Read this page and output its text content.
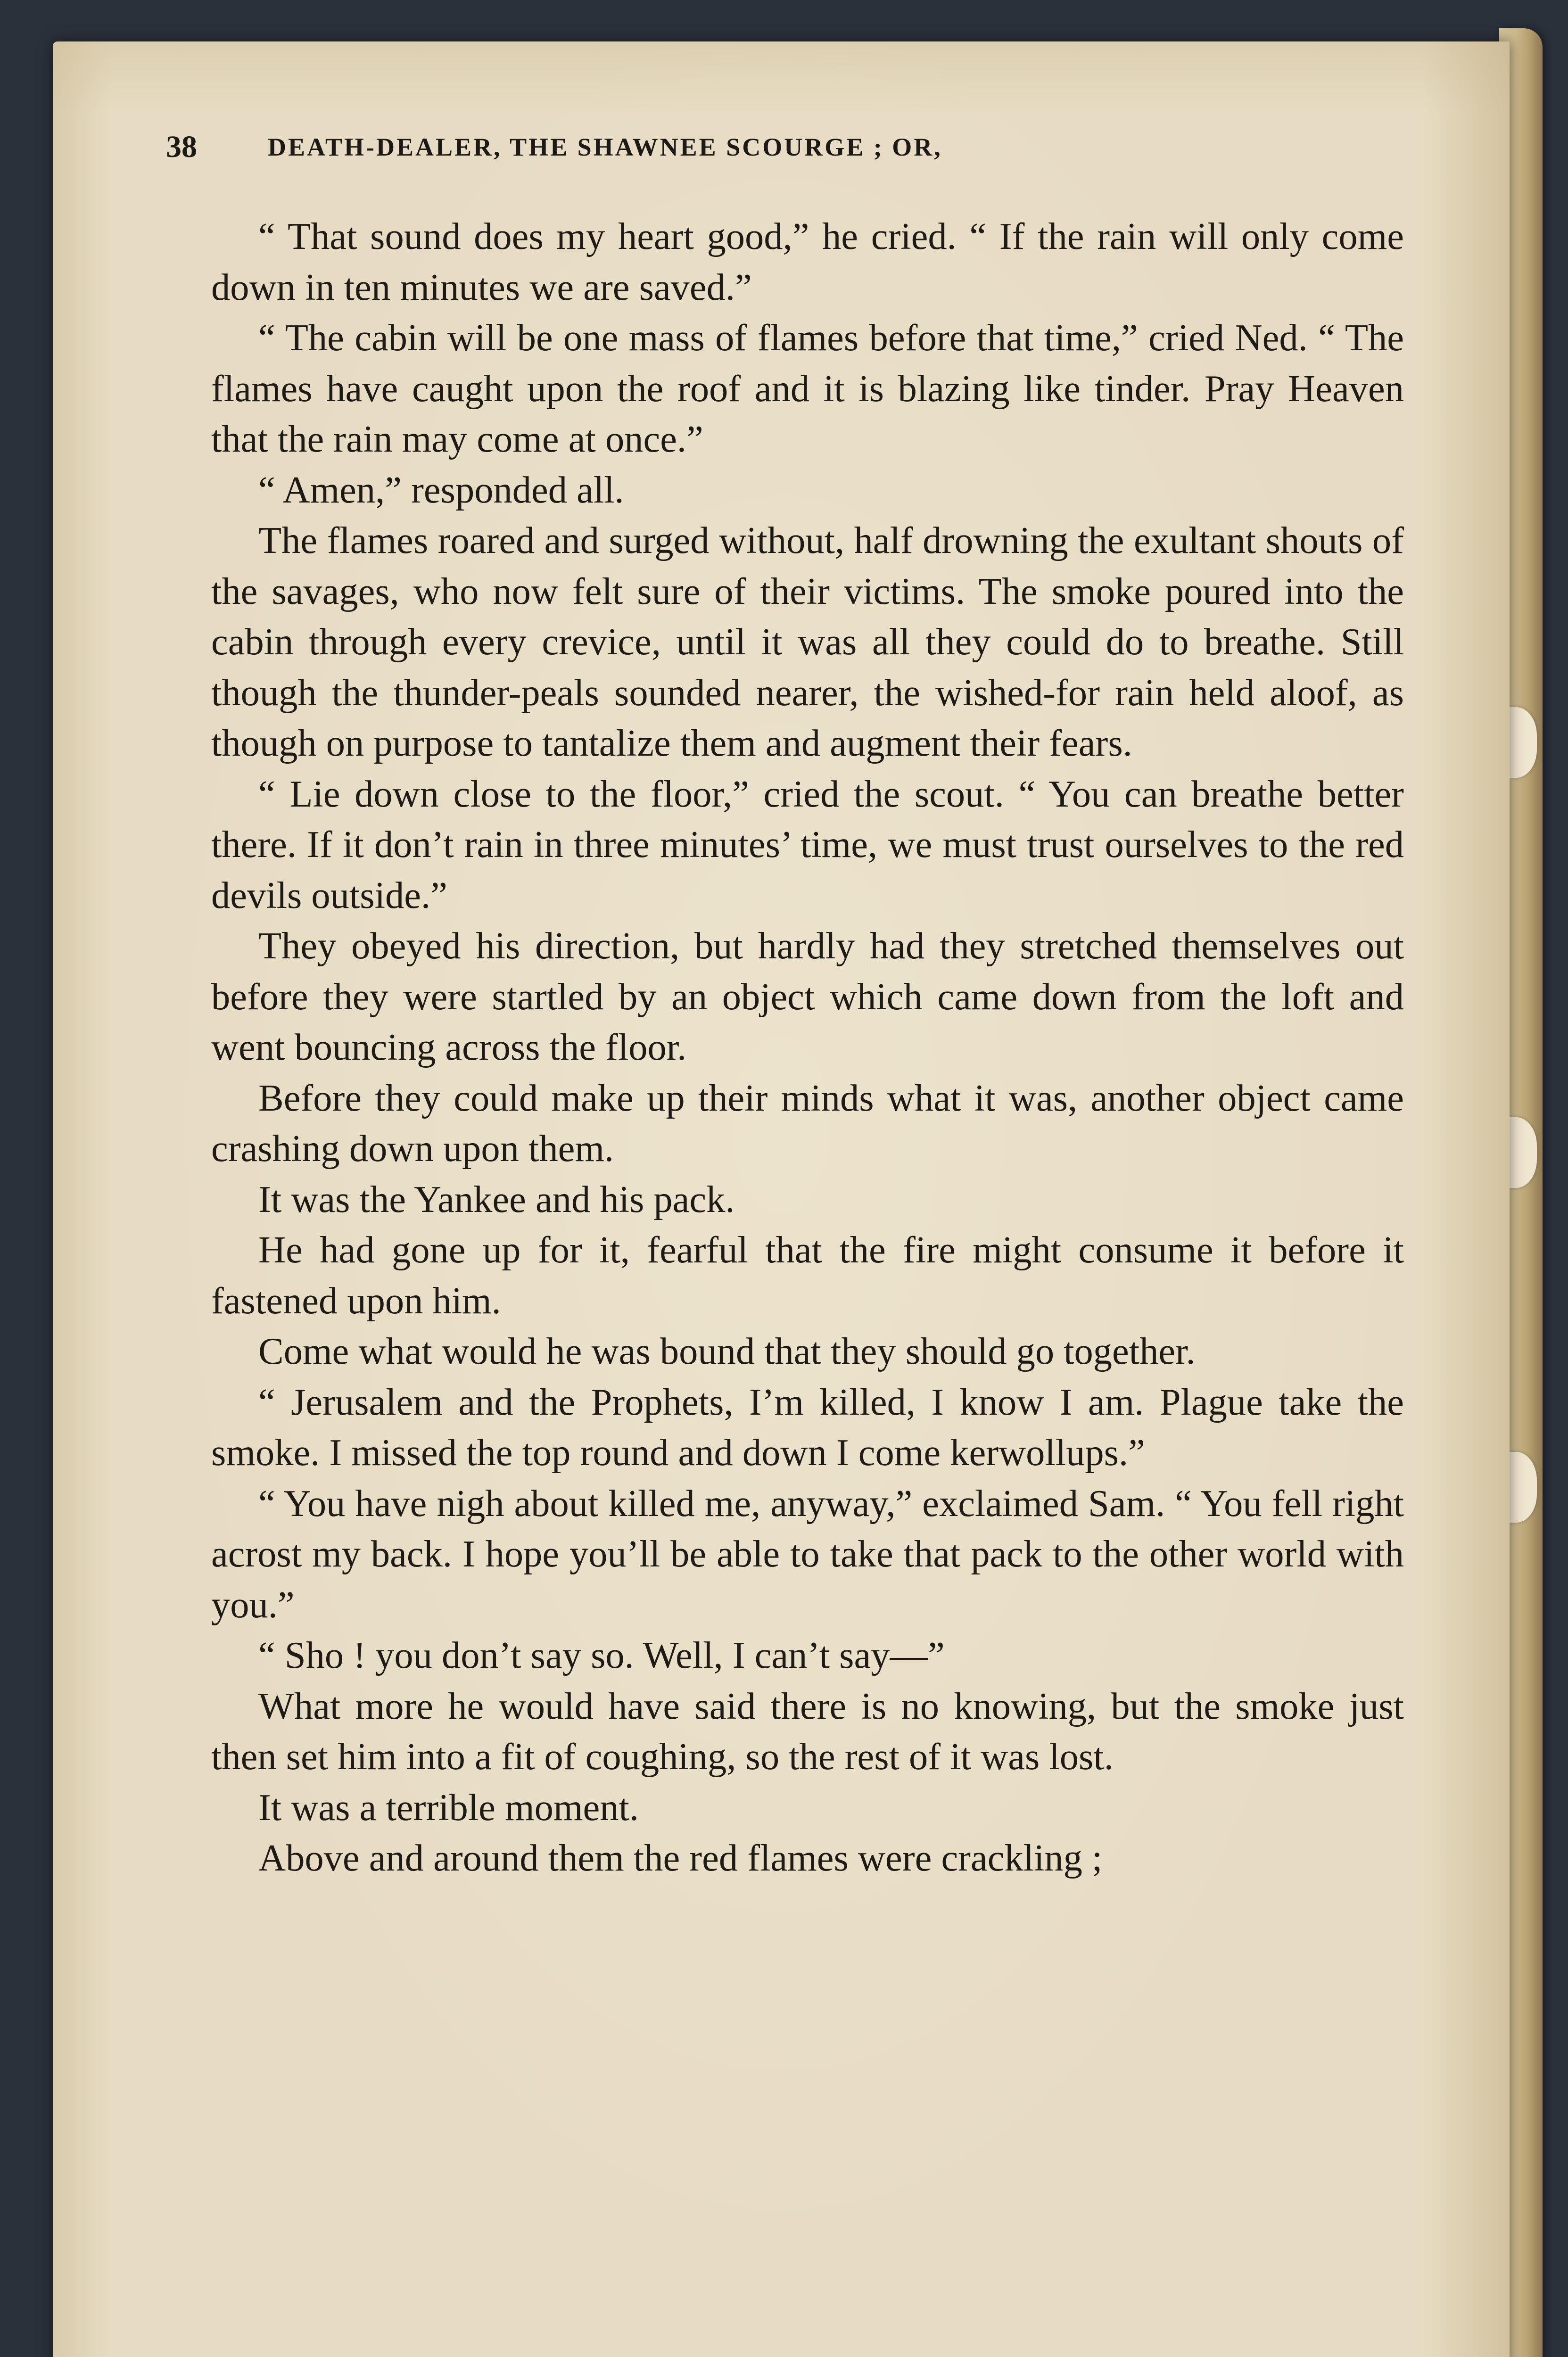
38	DEATH-DEALER, THE SHAWNEE SCOURGE ; OR,

“ That sound does my heart good,” he cried. “ If the rain will only come down in ten minutes we are saved.”

“ The cabin will be one mass of flames before that time,” cried Ned. “ The flames have caught upon the roof and it is blazing like tinder. Pray Heaven that the rain may come at once.”

“ Amen,” responded all.

The flames roared and surged without, half drowning the exultant shouts of the savages, who now felt sure of their victims. The smoke poured into the cabin through every crevice, until it was all they could do to breathe. Still though the thunder-peals sounded nearer, the wished-for rain held aloof, as though on purpose to tantalize them and augment their fears.

“ Lie down close to the floor,” cried the scout. “ You can breathe better there. If it don’t rain in three minutes’ time, we must trust ourselves to the red devils outside.”

They obeyed his direction, but hardly had they stretched themselves out before they were startled by an object which came down from the loft and went bouncing across the floor.

Before they could make up their minds what it was, another object came crashing down upon them.

It was the Yankee and his pack.

He had gone up for it, fearful that the fire might consume it before it fastened upon him.

Come what would he was bound that they should go together.

“ Jerusalem and the Prophets, I’m killed, I know I am. Plague take the smoke. I missed the top round and down I come kerwollups.”

“ You have nigh about killed me, anyway,” exclaimed Sam. “ You fell right acrost my back. I hope you’ll be able to take that pack to the other world with you.”

“ Sho ! you don’t say so. Well, I can’t say—”

What more he would have said there is no knowing, but the smoke just then set him into a fit of coughing, so the rest of it was lost.

It was a terrible moment.

Above and around them the red flames were crackling ;
